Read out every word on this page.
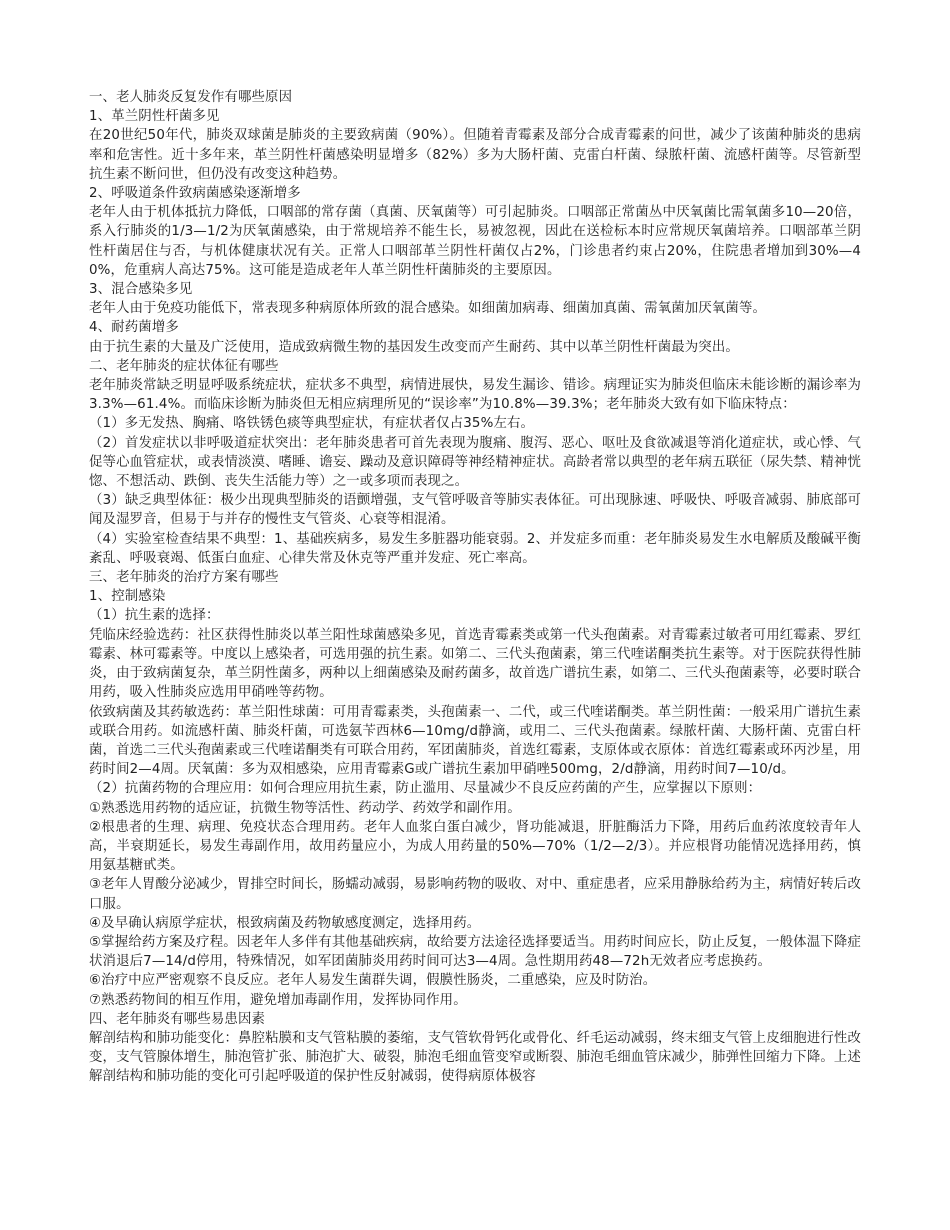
一、老人肺炎反复发作有哪些原因

1、革兰阴性杆菌多见

在20世纪50年代，肺炎双球菌是肺炎的主要致病菌（90%）。但随着青霉素及部分合成青霉素的问世，减少了该菌种肺炎的患病率和危害性。近十多年来，革兰阴性杆菌感染明显增多（82%）多为大肠杆菌、克雷白杆菌、绿脓杆菌、流感杆菌等。尽管新型抗生素不断问世，但仍没有改变这种趋势。

2、呼吸道条件致病菌感染逐渐增多

老年人由于机体抵抗力降低，口咽部的常存菌（真菌、厌氧菌等）可引起肺炎。口咽部正常菌丛中厌氧菌比需氧菌多10—20倍，系入行肺炎的1/3—1/2为厌氧菌感染，由于常规培养不能生长，易被忽视，因此在送检标本时应常规厌氧菌培养。口咽部革兰阴性杆菌居住与否，与机体健康状况有关。正常人口咽部革兰阴性杆菌仅占2%，门诊患者约束占20%，住院患者增加到30%—40%，危重病人高达75%。这可能是造成老年人革兰阴性杆菌肺炎的主要原因。

3、混合感染多见

老年人由于免疫功能低下，常表现多种病原体所致的混合感染。如细菌加病毒、细菌加真菌、需氧菌加厌氧菌等。

4、耐药菌增多

由于抗生素的大量及广泛使用，造成致病微生物的基因发生改变而产生耐药、其中以革兰阴性杆菌最为突出。

二、老年肺炎的症状体征有哪些

老年肺炎常缺乏明显呼吸系统症状，症状多不典型，病情进展快，易发生漏诊、错诊。病理证实为肺炎但临床未能诊断的漏诊率为3.3%—61.4%。而临床诊断为肺炎但无相应病理所见的“误诊率”为10.8%—39.3%；老年肺炎大致有如下临床特点：

（1）多无发热、胸痛、咯铁锈色痰等典型症状，有症状者仅占35%左右。

（2）首发症状以非呼吸道症状突出：老年肺炎患者可首先表现为腹痛、腹泻、恶心、呕吐及食欲减退等消化道症状，或心悸、气促等心血管症状，或表情淡漠、嗜睡、谵妄、躁动及意识障碍等神经精神症状。高龄者常以典型的老年病五联征（尿失禁、精神恍惚、不想活动、跌倒、丧失生活能力等）之一或多项而表现之。

（3）缺乏典型体征：极少出现典型肺炎的语颤增强，支气管呼吸音等肺实表体征。可出现脉速、呼吸快、呼吸音减弱、肺底部可闻及湿罗音，但易于与并存的慢性支气管炎、心衰等相混淆。

（4）实验室检查结果不典型：1、基础疾病多，易发生多脏器功能衰弱。2、并发症多而重：老年肺炎易发生水电解质及酸碱平衡紊乱、呼吸衰竭、低蛋白血症、心律失常及休克等严重并发症、死亡率高。

三、老年肺炎的治疗方案有哪些

1、控制感染

（1）抗生素的选择：

凭临床经验选药：社区获得性肺炎以革兰阳性球菌感染多见，首选青霉素类或第一代头孢菌素。对青霉素过敏者可用红霉素、罗红霉素、林可霉素等。中度以上感染者，可选用强的抗生素。如第二、三代头孢菌素，第三代喹诺酮类抗生素等。对于医院获得性肺炎，由于致病菌复杂，革兰阴性菌多，两种以上细菌感染及耐药菌多，故首选广谱抗生素，如第二、三代头孢菌素等，必要时联合用药，吸入性肺炎应选用甲硝唑等药物。

依致病菌及其药敏选药：革兰阳性球菌：可用青霉素类，头孢菌素一、二代，或三代喹诺酮类。革兰阴性菌：一般采用广谱抗生素或联合用药。如流感杆菌、肺炎杆菌，可选氨苄西林6—10mg/d静滴，或用二、三代头孢菌素。绿脓杆菌、大肠杆菌、克雷白杆菌，首选二三代头孢菌素或三代喹诺酮类有可联合用药，军团菌肺炎，首选红霉素，支原体或衣原体：首选红霉素或环丙沙星，用药时间2—4周。厌氧菌：多为双相感染，应用青霉素G或广谱抗生素加甲硝唑500mg，2/d静滴，用药时间7—10/d。

（2）抗菌药物的合理应用：如何合理应用抗生素，防止滥用、尽量减少不良反应药菌的产生，应掌握以下原则：

①熟悉选用药物的适应证，抗微生物等活性、药动学、药效学和副作用。

②根患者的生理、病理、免疫状态合理用药。老年人血浆白蛋白减少，肾功能减退，肝脏酶活力下降，用药后血药浓度较青年人高，半衰期延长，易发生毒副作用，故用药量应小，为成人用药量的50%—70%（1/2—2/3）。并应根肾功能情况选择用药，慎用氨基糖甙类。

③老年人胃酸分泌减少，胃排空时间长，肠蠕动减弱，易影响药物的吸收、对中、重症患者，应采用静脉给药为主，病情好转后改口服。

④及早确认病原学症状，根致病菌及药物敏感度测定，选择用药。

⑤掌握给药方案及疗程。因老年人多伴有其他基础疾病，故给要方法途径选择要适当。用药时间应长，防止反复，一般体温下降症状消退后7—14/d停用，特殊情况，如军团菌肺炎用药时间可达3—4周。急性期用药48—72h无效者应考虑换药。

⑥治疗中应严密观察不良反应。老年人易发生菌群失调，假膜性肠炎，二重感染，应及时防治。

⑦熟悉药物间的相互作用，避免增加毒副作用，发挥协同作用。

四、老年肺炎有哪些易患因素

解剖结构和肺功能变化：鼻腔粘膜和支气管粘膜的萎缩，支气管软骨钙化或骨化、纤毛运动减弱，终末细支气管上皮细胞进行性改变，支气管腺体增生，肺泡管扩张、肺泡扩大、破裂，肺泡毛细血管变窄或断裂、肺泡毛细血管床减少，肺弹性回缩力下降。上述解剖结构和肺功能的变化可引起呼吸道的保护性反射减弱，使得病原体极容
